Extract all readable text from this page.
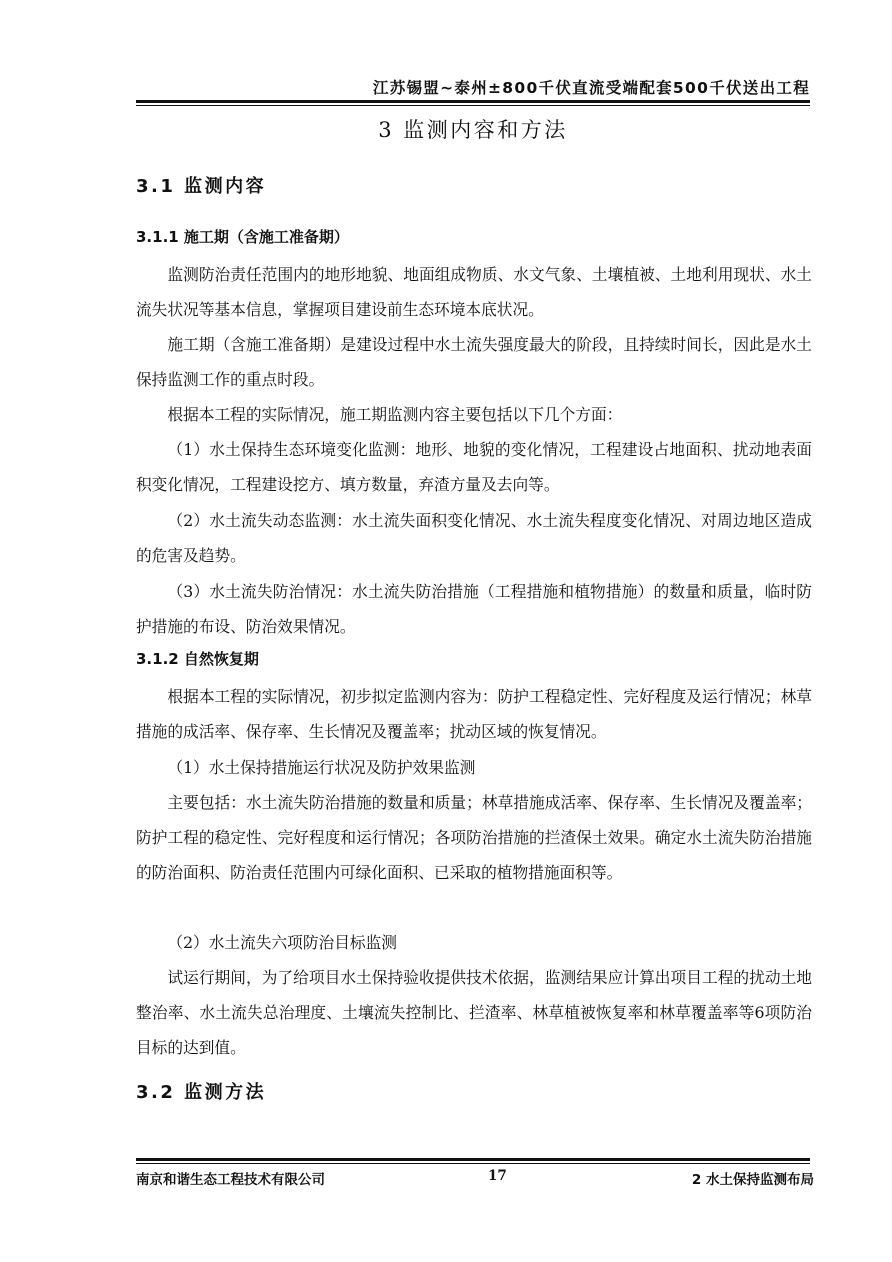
江苏锡盟~泰州±800千伏直流受端配套500千伏送出工程
3 监测内容和方法
3.1 监测内容
3.1.1 施工期（含施工准备期）

监测防治责任范围内的地形地貌、地面组成物质、水文气象、土壤植被、土地利用现状、水土流失状况等基本信息，掌握项目建设前生态环境本底状况。

施工期（含施工准备期）是建设过程中水土流失强度最大的阶段，且持续时间长，因此是水土保持监测工作的重点时段。

根据本工程的实际情况，施工期监测内容主要包括以下几个方面：

（1）水土保持生态环境变化监测：地形、地貌的变化情况，工程建设占地面积、扰动地表面积变化情况，工程建设挖方、填方数量，弃渣方量及去向等。

（2）水土流失动态监测：水土流失面积变化情况、水土流失程度变化情况、对周边地区造成的危害及趋势。

（3）水土流失防治情况：水土流失防治措施（工程措施和植物措施）的数量和质量，临时防护措施的布设、防治效果情况。

3.1.2 自然恢复期

根据本工程的实际情况，初步拟定监测内容为：防护工程稳定性、完好程度及运行情况；林草措施的成活率、保存率、生长情况及覆盖率；扰动区域的恢复情况。

（1）水土保持措施运行状况及防护效果监测

主要包括：水土流失防治措施的数量和质量；林草措施成活率、保存率、生长情况及覆盖率；防护工程的稳定性、完好程度和运行情况；各项防治措施的拦渣保土效果。确定水土流失防治措施的防治面积、防治责任范围内可绿化面积、已采取的植物措施面积等。

（2）水土流失六项防治目标监测

试运行期间，为了给项目水土保持验收提供技术依据，监测结果应计算出项目工程的扰动土地整治率、水土流失总治理度、土壤流失控制比、拦渣率、林草植被恢复率和林草覆盖率等6项防治目标的达到值。

3.2 监测方法
南京和谐生态工程技术有限公司	17	2 水土保持监测布局
